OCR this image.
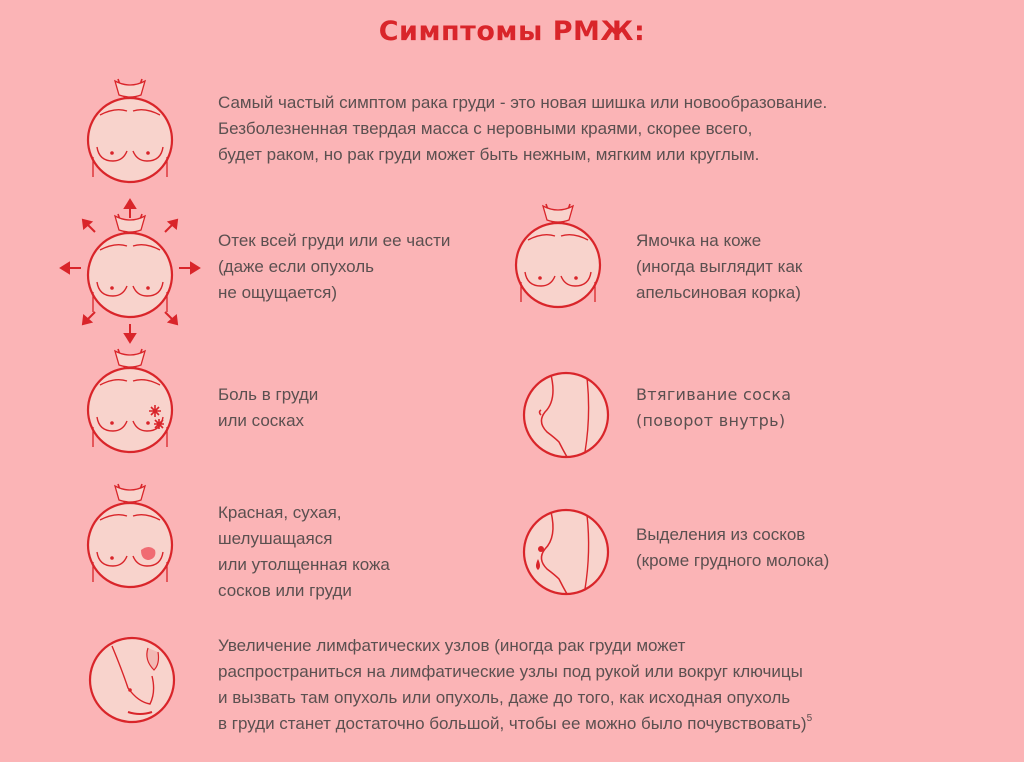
Симптомы РМЖ:
Самый частый симптом рака груди - это новая шишка или новообразование.
Безболезненная твердая масса с неровными краями, скорее всего,
будет раком, но рак груди может быть нежным, мягким или круглым.
Отек всей груди или ее части
(даже если опухоль
не ощущается)
Ямочка на коже
(иногда выглядит как
апельсиновая корка)
Боль в груди
или сосках
Втягивание соска
(поворот внутрь)
Красная, сухая,
шелушащаяся
или утолщенная кожа
сосков или груди
Выделения из сосков
(кроме грудного молока)
Увеличение лимфатических узлов (иногда рак груди может
распространиться на лимфатические узлы под рукой или вокруг ключицы
и вызвать там опухоль или опухоль, даже до того, как исходная опухоль
в груди станет достаточно большой, чтобы ее можно было почувствовать)$^5$
